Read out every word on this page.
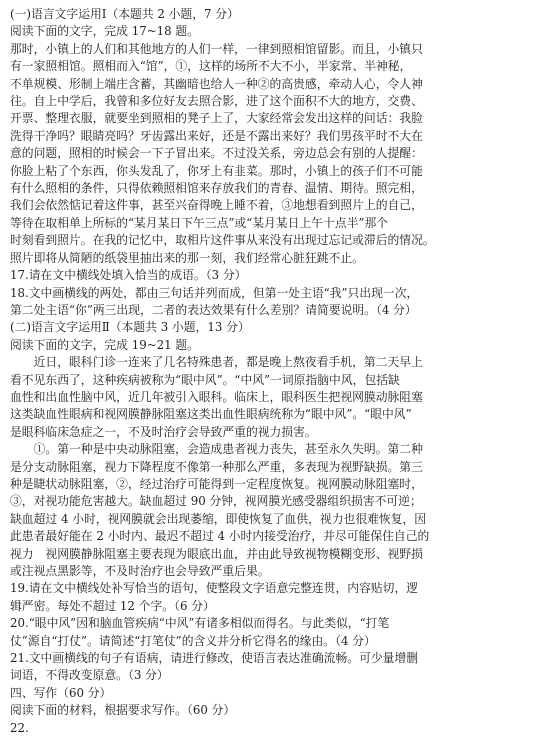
(一)语言文字运用Ⅰ（本题共 2 小题，7 分）
阅读下面的文字，完成 17~18 题。
那时，小镇上的人们和其他地方的人们一样，一律到照相馆留影。而且，小镇只
有一家照相馆。照相而入“馆”，①，这样的场所不大不小，半家常、半神秘，
不单规模、形制上端庄含蓄，其幽暗也给人一种②的高贵感，牵动人心，令人神
往。自上中学后，我曾和多位好友去照合影，进了这个面积不大的地方，交费、
开票、整理衣服，就要坐到照相的凳子上了，大家经常会发出这样的问话：我脸
洗得干净吗？眼睛亮吗？牙齿露出来好，还是不露出来好？我们男孩平时不大在
意的问题，照相的时候会一下子冒出来。不过没关系，旁边总会有别的人提醒：
你脸上粘了个东西，你头发乱了，你牙上有韭菜。那时，小镇上的孩子们不可能
有什么照相的条件，只得依赖照相馆来存放我们的青春、温情、期待。照完相，
我们会依然惦记着这件事，甚至兴奋得晚上睡不着，③地想看到照片上的自己，
等待在取相单上所标的“某月某日下午三点”或“某月某日上午十点半”那个
时刻看到照片。在我的记忆中，取相片这件事从来没有出现过忘记或滞后的情况。
照片即将从简陋的纸袋里抽出来的那一刻，我们经常心脏狂跳不止。
17.请在文中横线处填入恰当的成语。（3 分）
18.文中画横线的两处，都由三句话并列而成，但第一处主语“我”只出现一次，
第二处主语“你”两三出现，二者的表达效果有什么差别？请简要说明。（4 分）
(二)语言文字运用Ⅱ（本题共 3 小题，13 分）
阅读下面的文字，完成 19~21 题。
　　近日，眼科门诊一连来了几名特殊患者，都是晚上熬夜看手机，第二天早上
看不见东西了，这种疾病被称为“眼中风”。“中风”一词原指脑中风，包括缺
血性和出血性脑中风，近几年被引入眼科。临床上，眼科医生把视网膜动脉阻塞
这类缺血性眼病和视网膜静脉阻塞这类出血性眼病统称为“眼中风”。“眼中风”
是眼科临床急症之一，不及时治疗会导致严重的视力损害。
　　①。第一种是中央动脉阻塞，会造成患者视力丧失，甚至永久失明。第二种
是分支动脉阻塞，视力下降程度不像第一种那么严重，多表现为视野缺损。第三
种是睫状动脉阻塞，②，经过治疗可能得到一定程度恢复。视网膜动脉阻塞时，
③，对视功能危害越大。缺血超过 90 分钟，视网膜光感受器组织损害不可逆；
缺血超过 4 小时，视网膜就会出现萎缩，即使恢复了血供，视力也很难恢复，因
此患者最好能在 2 小时内、最迟不超过 4 小时内接受治疗，并尽可能保住自己的
视力　视网膜静脉阻塞主要表现为眼底出血，并由此导致视物模糊变形、视野损
或注视点黑影等，不及时治疗也会导致严重后果。
19.请在文中横线处补写恰当的语句，使整段文字语意完整连贯，内容贴切，逻
辑严密。每处不超过 12 个字。（6 分）
20.“眼中风”因和脑血管疾病“中风”有诸多相似而得名。与此类似，“打笔
仗”源自“打仗”。请简述“打笔仗”的含义并分析它得名的缘由。（4 分）
21.文中画横线的句子有语病，请进行修改，使语言表达准确流畅。可少量增删
词语，不得改变原意。（3 分）
四、写作（60 分）
阅读下面的材料，根据要求写作。（60 分）
22.
